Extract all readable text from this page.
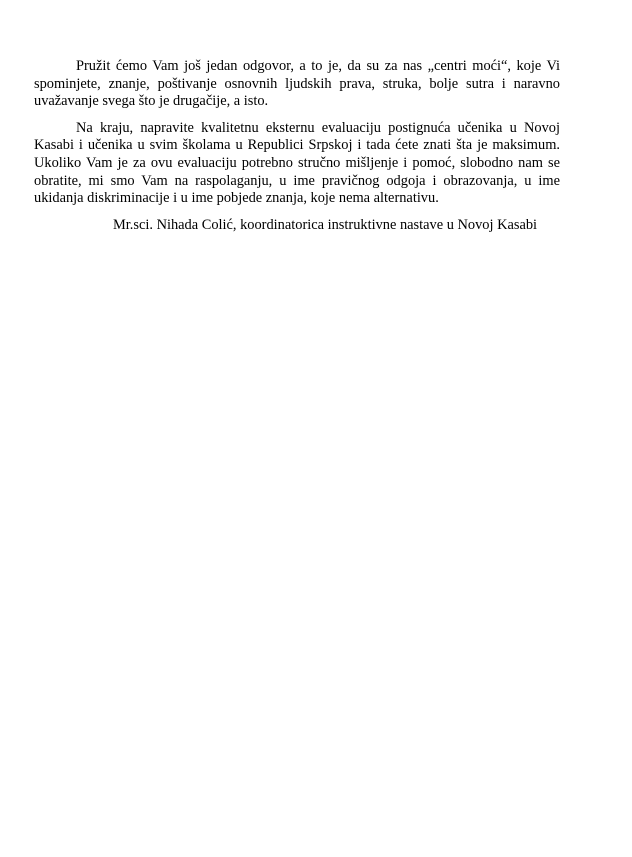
Pružit ćemo Vam još jedan odgovor, a to je, da su za nas „centri moći“, koje Vi spominjete, znanje, poštivanje osnovnih ljudskih prava, struka, bolje sutra i naravno uvažavanje svega što je drugačije, a isto.

Na kraju, napravite kvalitetnu eksternu evaluaciju postignuća učenika u Novoj Kasabi i učenika u svim školama u Republici Srpskoj i tada ćete znati šta je maksimum. Ukoliko Vam je za ovu evaluaciju potrebno stručno mišljenje i pomoć, slobodno nam se obratite, mi smo Vam na raspolaganju, u ime pravičnog odgoja i obrazovanja, u ime ukidanja diskriminacije i u ime pobjede znanja, koje nema alternativu.

Mr.sci. Nihada Colić, koordinatorica instruktivne nastave u Novoj Kasabi
